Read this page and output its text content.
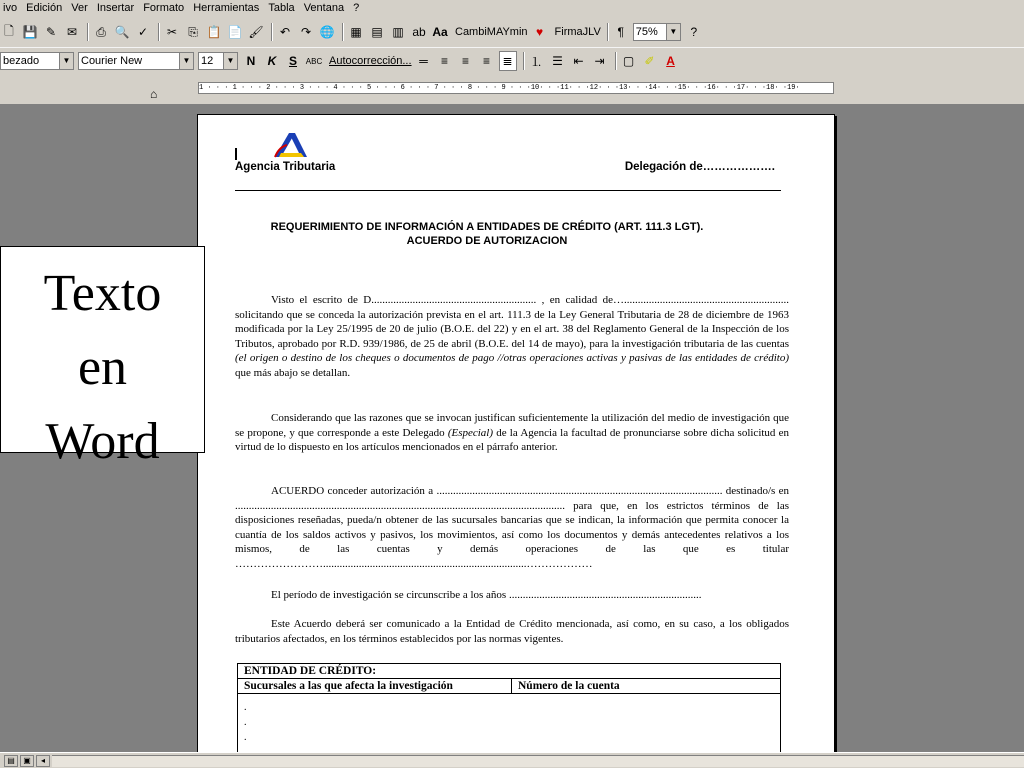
ivo Edición Ver Insertar Formato Herramientas Tabla Ventana ?
🗋 💾 ✎ ✉	⎙ 🔍 ✓	✂ ⎘ 📋 📄 🖌	↶ ↷ 🌐 ▦ ▤ ▥ ab Aa CambiMAYmin ♥	FirmaJLV	¶	75%	▼	?
bezado	▼ Courier New	▼ 12	▼	N	K	S	ABC Autocorrección... ═	≡	≡	≡	≣	⒈ ☰ ⇤ ⇥	▢ ✐ A
⌂	1 · · · 1 · · · 2 · · · 3 · · · 4 · · · 5 · · · 6 · · · 7 · · · 8 · · · 9 · · ·10· · ·11· · ·12· · ·13· · ·14· · ·15· · ·16· · ·17· · ·18· ·19·
Agencia Tributaria	Delegación de……………….
REQUERIMIENTO DE INFORMACIÓN A ENTIDADES DE CRÉDITO (ART. 111.3 LGT).
ACUERDO DE AUTORIZACION
Visto el escrito de D............................................................ , en calidad de…............................................................ solicitando que se conceda la autorización prevista en el art. 111.3 de la Ley General Tributaria de 28 de diciembre de 1963 modificada por la Ley 25/1995 de 20 de julio (B.O.E. del 22) y en el art. 38 del Reglamento General de la Inspección de los Tributos, aprobado por R.D. 939/1986, de 25 de abril (B.O.E. del 14 de mayo), para la investigación tributaria de las cuentas (el origen o destino de los cheques o documentos de pago //otras operaciones activas y pasivas de las entidades de crédito) que más abajo se detallan.
Considerando que las razones que se invocan justifican suficientemente la utilización del medio de investigación que se propone, y que corresponde a este Delegado (Especial) de la Agencia la facultad de pronunciarse sobre dicha solicitud en virtud de lo dispuesto en los artículos mencionados en el párrafo anterior.
ACUERDO conceder autorización a ........................................................................................................ destinado/s en ........................................................................................................................ para que, en los estrictos términos de las disposiciones reseñadas, pueda/n obtener de las sucursales bancarias que se indican, la información que permita conocer la cuantía de los saldos activos y pasivos, los movimientos, así como los documentos y demás antecedentes relativos a los mismos, de las cuentas y demás operaciones de las que es titular ……………………..........................................................................………………
El período de investigación se circunscribe a los años ......................................................................
Este Acuerdo deberá ser comunicado a la Entidad de Crédito mencionada, así como, en su caso, a los obligados tributarios afectados, en los términos establecidos por las normas vigentes.
ENTIDAD DE CRÉDITO:
Sucursales a las que afecta la investigación	Número de la cuenta

.
.
.
Texto
en
Word
▤	▣	◂
